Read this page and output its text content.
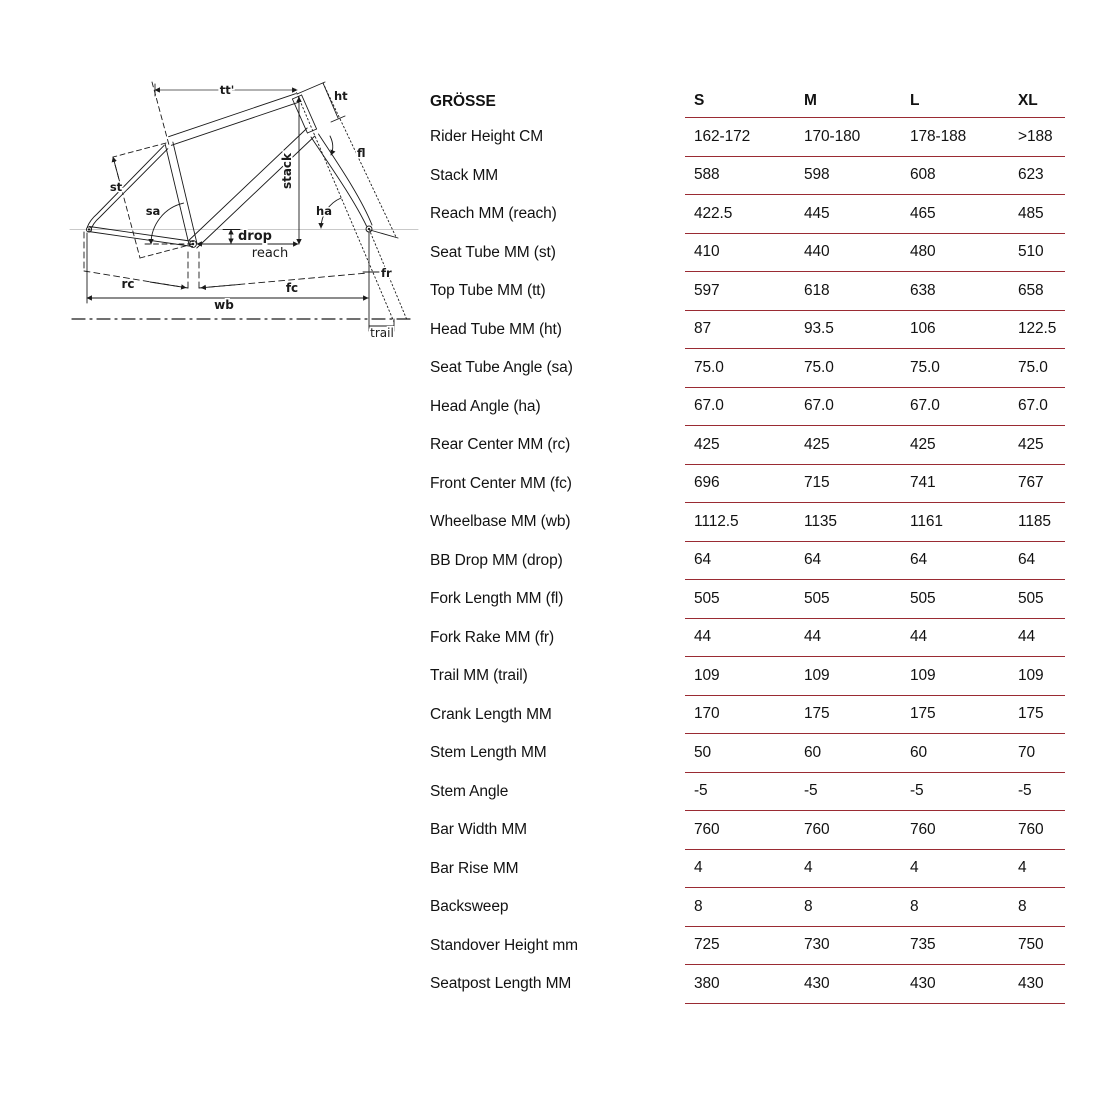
tt'	ht
fl
st
sa	ha
stack
drop
reach
rc	fc
fr
wb
trail
GRÖSSE	S	M	L	XL
Rider Height CM	162-172	170-180	178-188	>188
Stack MM	588	598	608	623
Reach MM (reach)	422.5	445	465	485
Seat Tube MM (st)	410	440	480	510
Top Tube MM (tt)	597	618	638	658
Head Tube MM (ht)	87	93.5	106	122.5
Seat Tube Angle (sa)	75.0	75.0	75.0	75.0
Head Angle (ha)	67.0	67.0	67.0	67.0
Rear Center MM (rc)	425	425	425	425
Front Center MM (fc)	696	715	741	767
Wheelbase MM (wb)	1112.5	1135	1161	1185
BB Drop MM (drop)	64	64	64	64
Fork Length MM (fl)	505	505	505	505
Fork Rake MM (fr)	44	44	44	44
Trail MM (trail)	109	109	109	109
Crank Length MM	170	175	175	175
Stem Length MM	50	60	60	70
Stem Angle	-5	-5	-5	-5
Bar Width MM	760	760	760	760
Bar Rise MM	4	4	4	4
Backsweep	8	8	8	8
Standover Height mm	725	730	735	750
Seatpost Length MM	380	430	430	430
